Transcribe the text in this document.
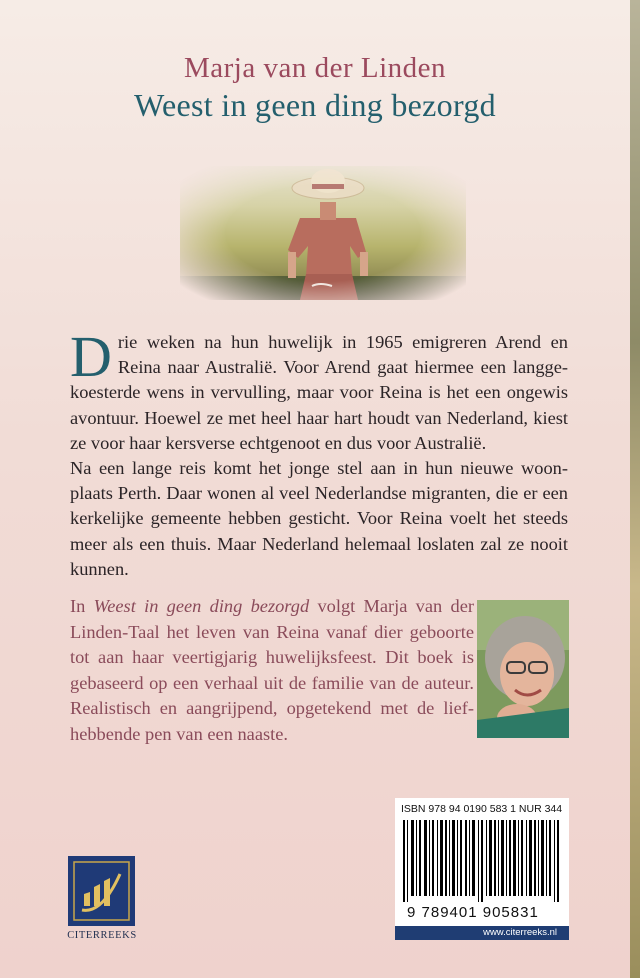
Marja van der Linden
Weest in geen ding bezorgd
D rie weken na hun huwelijk in 1965 emigreren Arend en Reina naar Australië. Voor Arend gaat hiermee een langgekoesterde wens in vervulling, maar voor Reina is het een ongewis avontuur. Hoewel ze met heel haar hart houdt van Nederland, kiest ze voor haar kersverse echtgenoot en dus voor Australië.

Na een lange reis komt het jonge stel aan in hun nieuwe woonplaats Perth. Daar wonen al veel Nederlandse migranten, die er een kerkelijke gemeente hebben gesticht. Voor Reina voelt het steeds meer als een thuis. Maar Nederland helemaal loslaten zal ze nooit kunnen.

In Weest in geen ding bezorgd volgt Marja van der Linden-Taal het leven van Reina vanaf dier geboorte tot aan haar veertigjarig huwelijksfeest. Dit boek is gebaseerd op een verhaal uit de familie van de auteur. Realistisch en aangrijpend, opgetekend met de liefhebbende pen van een naaste.

ISBN 978 94 0190 583 1 NUR 344
9 789401 905831
www.citerreeks.nl
CITERREEKS
